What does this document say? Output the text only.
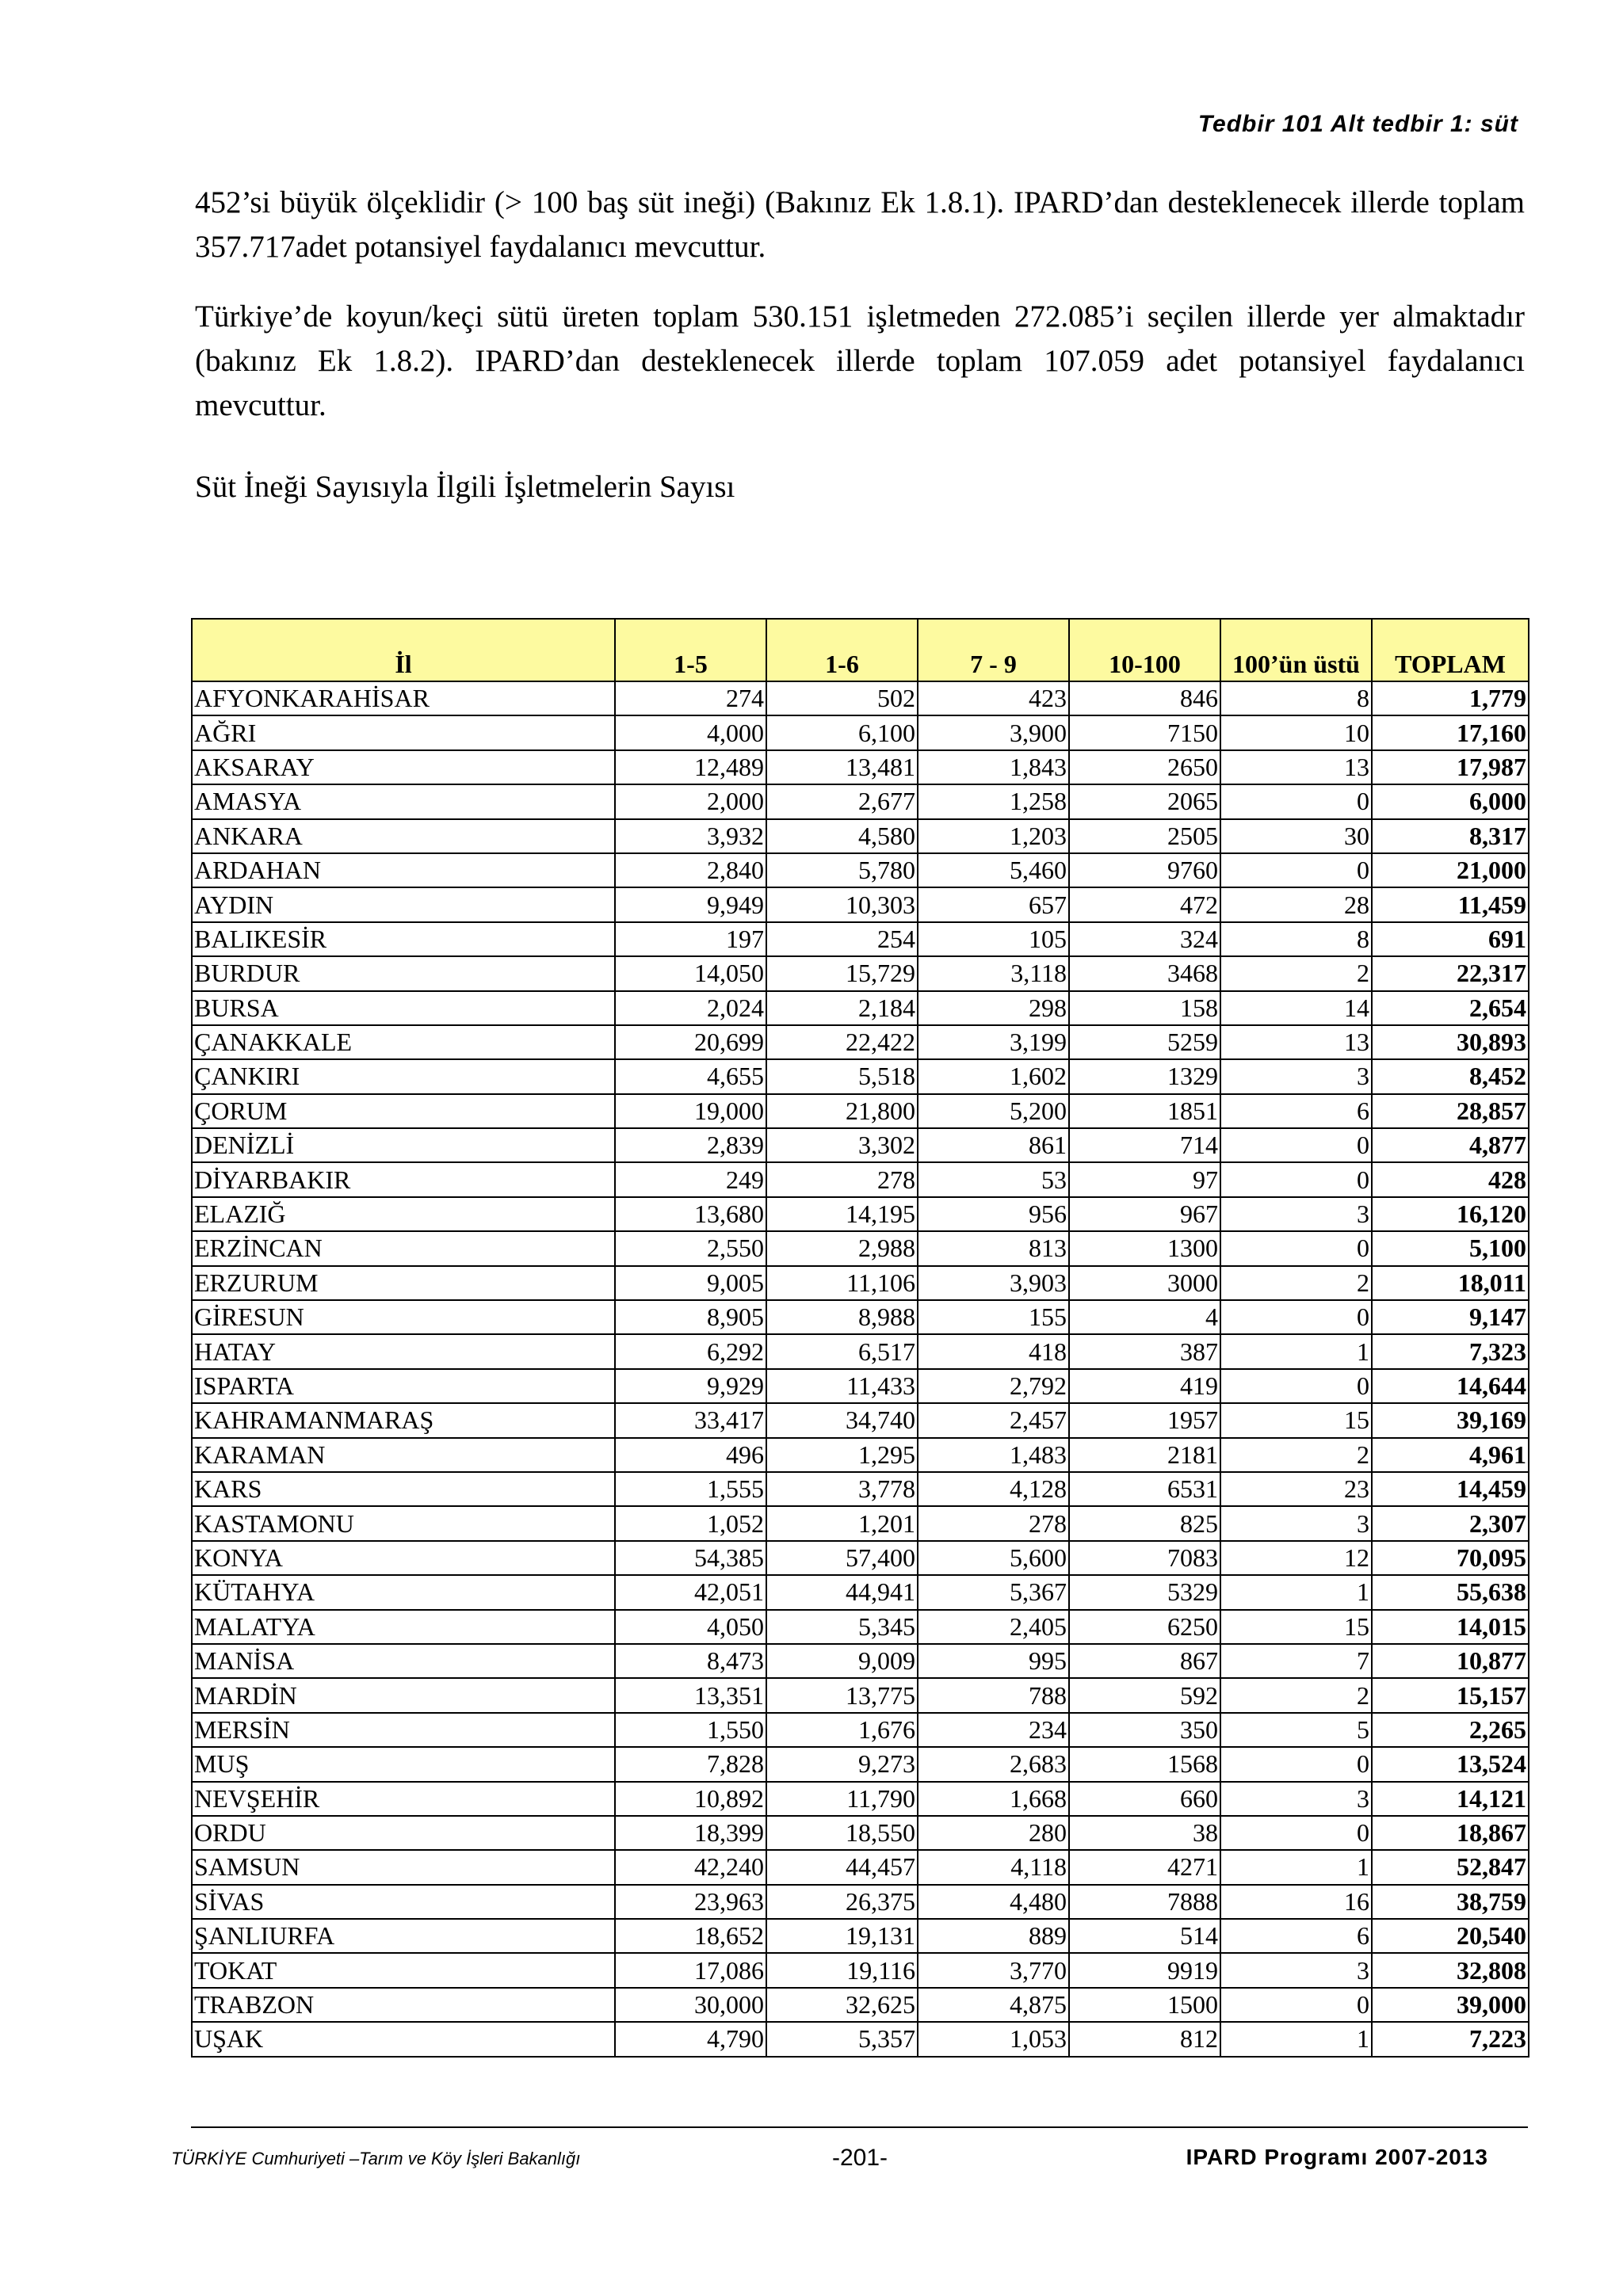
Tedbir 101 Alt tedbir 1: süt

452’si büyük ölçeklidir (> 100 baş süt ineği) (Bakınız Ek 1.8.1). IPARD’dan desteklenecek illerde toplam 357.717adet potansiyel faydalanıcı mevcuttur.

Türkiye’de koyun/keçi sütü üreten toplam 530.151 işletmeden 272.085’i seçilen illerde yer almaktadır (bakınız Ek 1.8.2). IPARD’dan desteklenecek illerde toplam 107.059 adet potansiyel faydalanıcı mevcuttur.

Süt İneği Sayısıyla İlgili İşletmelerin Sayısı
İl	1-5	1-6	7 - 9	10-100	100’ün üstü	TOPLAM
AFYONKARAHİSAR	274	502	423	846	8	1,779
AĞRI	4,000	6,100	3,900	7150	10	17,160
AKSARAY	12,489	13,481	1,843	2650	13	17,987
AMASYA	2,000	2,677	1,258	2065	0	6,000
ANKARA	3,932	4,580	1,203	2505	30	8,317
ARDAHAN	2,840	5,780	5,460	9760	0	21,000
AYDIN	9,949	10,303	657	472	28	11,459
BALIKESİR	197	254	105	324	8	691
BURDUR	14,050	15,729	3,118	3468	2	22,317
BURSA	2,024	2,184	298	158	14	2,654
ÇANAKKALE	20,699	22,422	3,199	5259	13	30,893
ÇANKIRI	4,655	5,518	1,602	1329	3	8,452
ÇORUM	19,000	21,800	5,200	1851	6	28,857
DENİZLİ	2,839	3,302	861	714	0	4,877
DİYARBAKIR	249	278	53	97	0	428
ELAZIĞ	13,680	14,195	956	967	3	16,120
ERZİNCAN	2,550	2,988	813	1300	0	5,100
ERZURUM	9,005	11,106	3,903	3000	2	18,011
GİRESUN	8,905	8,988	155	4	0	9,147
HATAY	6,292	6,517	418	387	1	7,323
ISPARTA	9,929	11,433	2,792	419	0	14,644
KAHRAMANMARAŞ	33,417	34,740	2,457	1957	15	39,169
KARAMAN	496	1,295	1,483	2181	2	4,961
KARS	1,555	3,778	4,128	6531	23	14,459
KASTAMONU	1,052	1,201	278	825	3	2,307
KONYA	54,385	57,400	5,600	7083	12	70,095
KÜTAHYA	42,051	44,941	5,367	5329	1	55,638
MALATYA	4,050	5,345	2,405	6250	15	14,015
MANİSA	8,473	9,009	995	867	7	10,877
MARDİN	13,351	13,775	788	592	2	15,157
MERSİN	1,550	1,676	234	350	5	2,265
MUŞ	7,828	9,273	2,683	1568	0	13,524
NEVŞEHİR	10,892	11,790	1,668	660	3	14,121
ORDU	18,399	18,550	280	38	0	18,867
SAMSUN	42,240	44,457	4,118	4271	1	52,847
SİVAS	23,963	26,375	4,480	7888	16	38,759
ŞANLIURFA	18,652	19,131	889	514	6	20,540
TOKAT	17,086	19,116	3,770	9919	3	32,808
TRABZON	30,000	32,625	4,875	1500	0	39,000
UŞAK	4,790	5,357	1,053	812	1	7,223
TÜRKİYE Cumhuriyeti –Tarım ve Köy İşleri Bakanlığı	-201-	IPARD Programı 2007-2013
